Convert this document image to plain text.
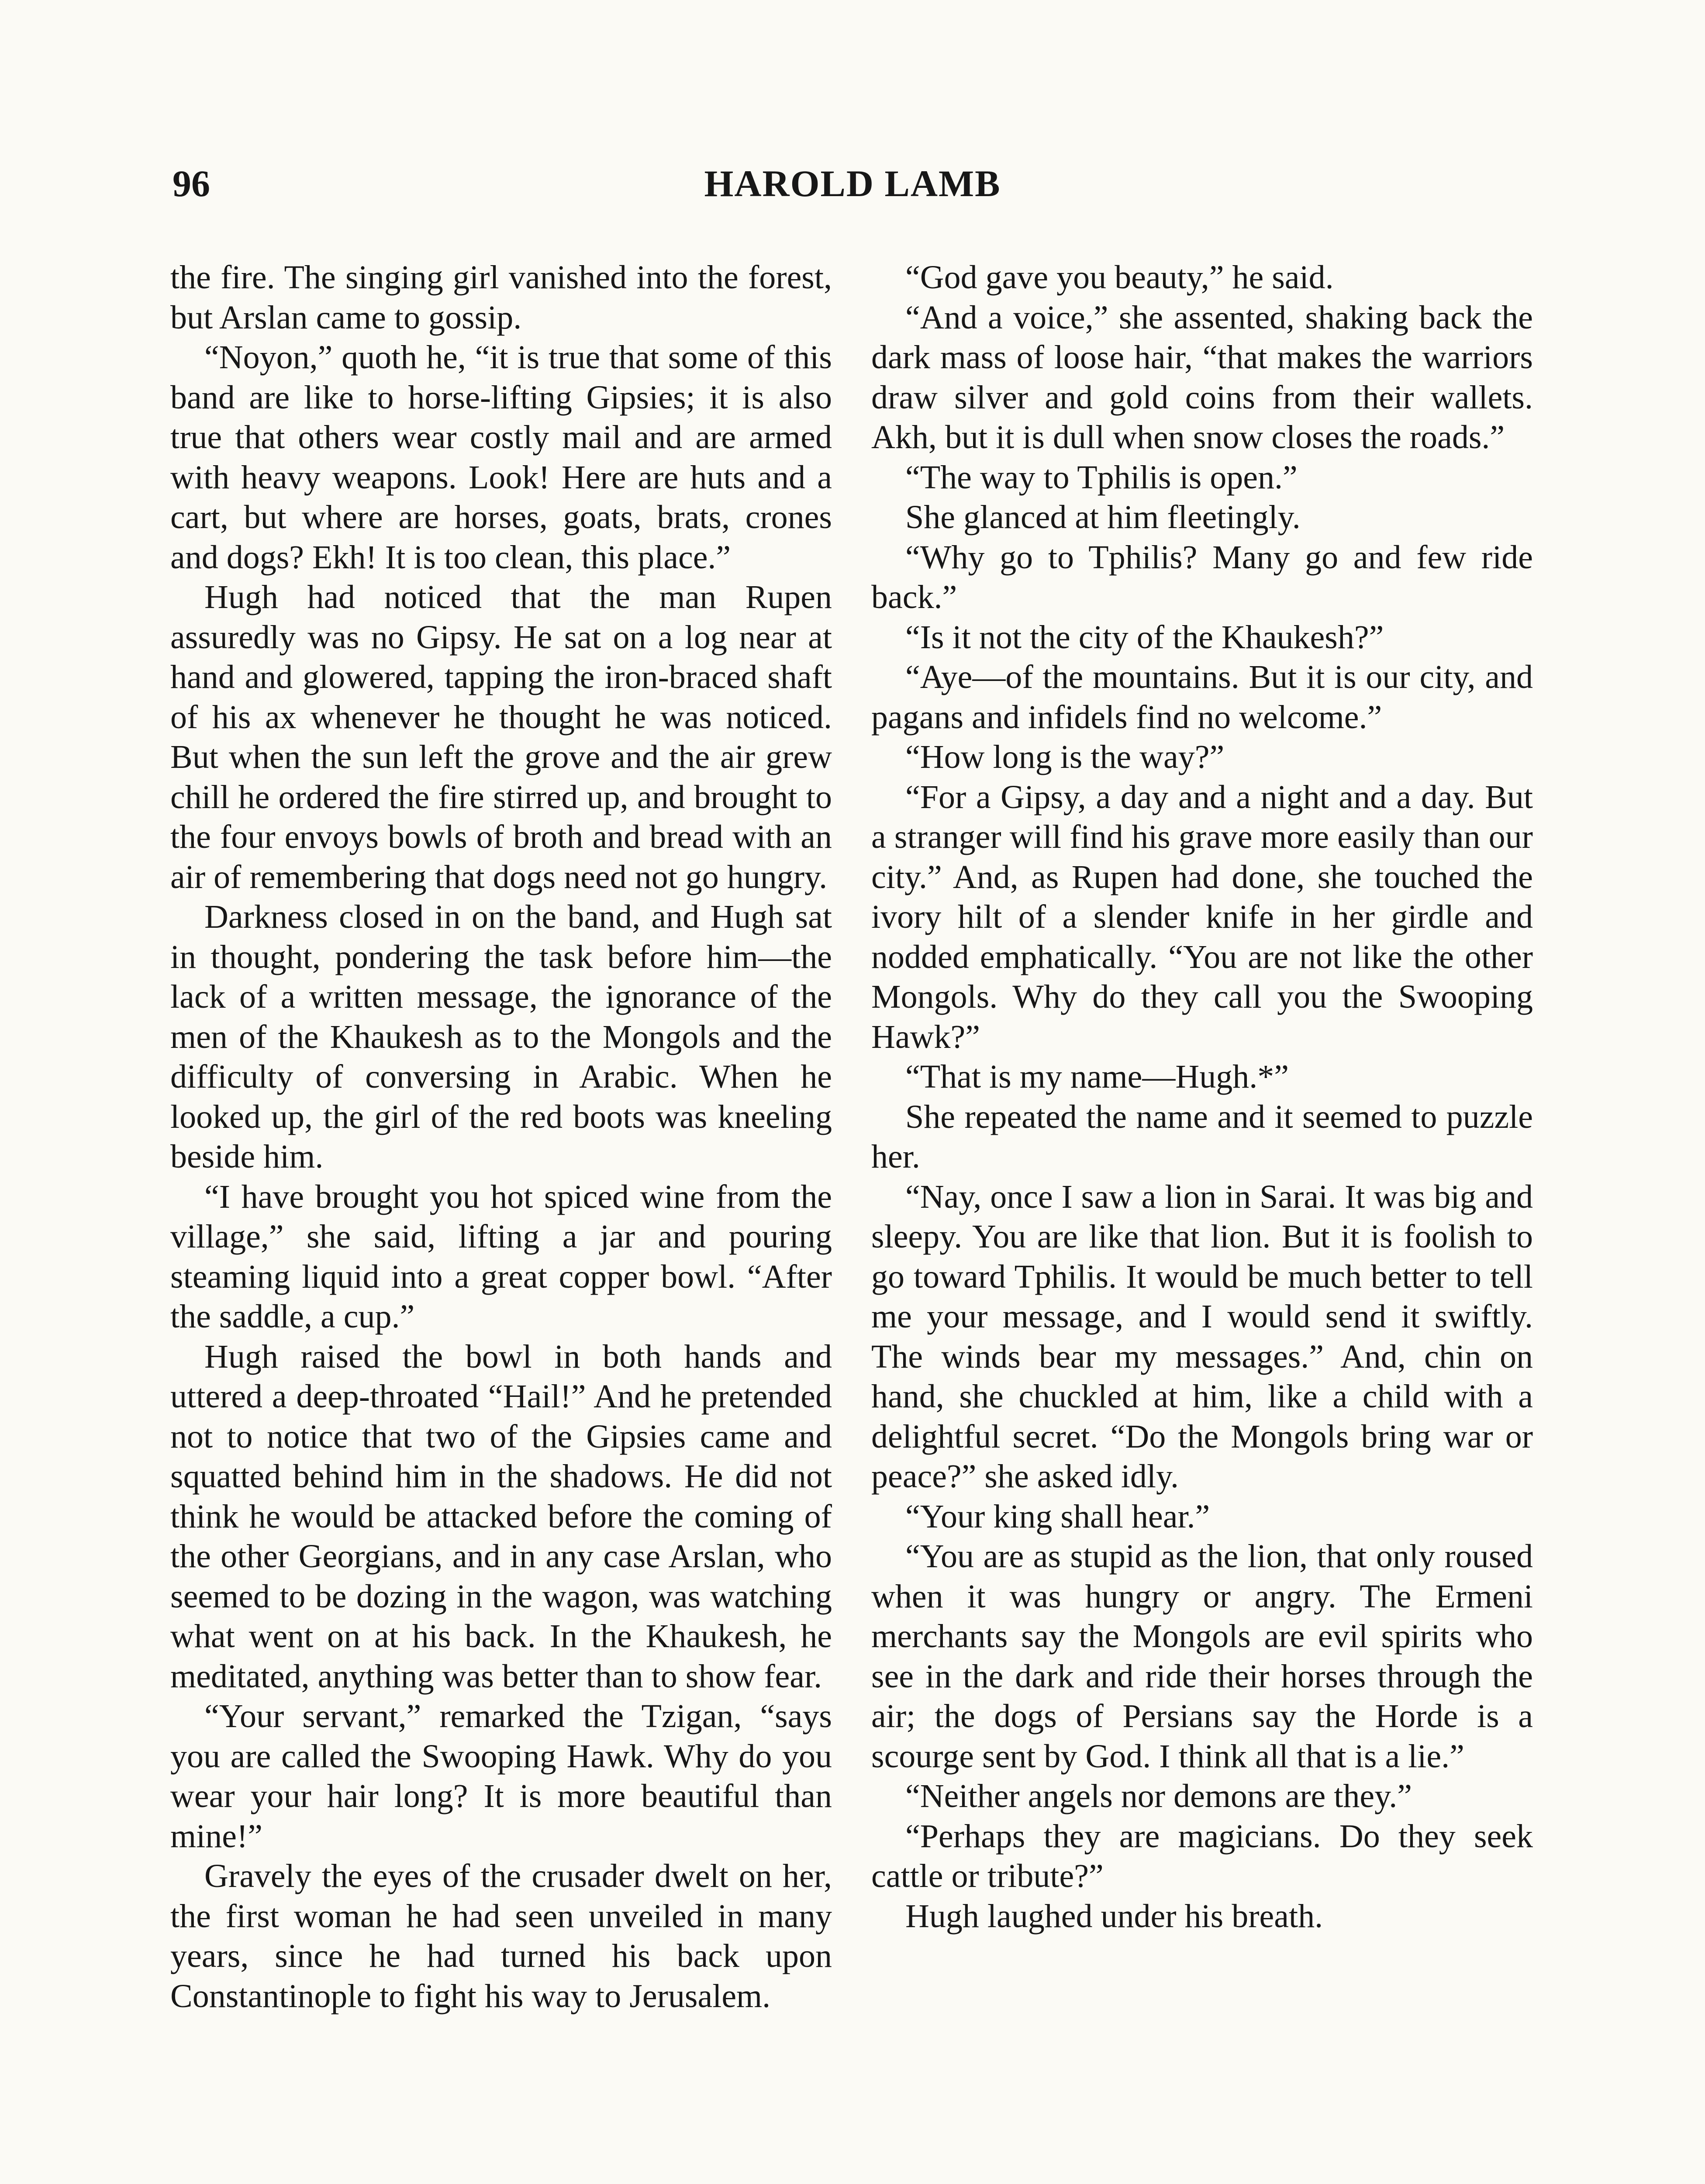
96	HAROLD LAMB

the fire. The singing girl vanished into the forest, but Arslan came to gossip.

“Noyon,” quoth he, “it is true that some of this band are like to horse-lifting Gipsies; it is also true that others wear costly mail and are armed with heavy weapons. Look! Here are huts and a cart, but where are horses, goats, brats, crones and dogs? Ekh! It is too clean, this place.”

Hugh had noticed that the man Rupen assuredly was no Gipsy. He sat on a log near at hand and glowered, tapping the iron-braced shaft of his ax whenever he thought he was noticed. But when the sun left the grove and the air grew chill he ordered the fire stirred up, and brought to the four envoys bowls of broth and bread with an air of remembering that dogs need not go hungry.

Darkness closed in on the band, and Hugh sat in thought, pondering the task before him—the lack of a written message, the ignorance of the men of the Khaukesh as to the Mongols and the difficulty of conversing in Arabic. When he looked up, the girl of the red boots was kneeling beside him.

“I have brought you hot spiced wine from the village,” she said, lifting a jar and pouring steaming liquid into a great copper bowl. “After the saddle, a cup.”

Hugh raised the bowl in both hands and uttered a deep-throated “Hail!” And he pretended not to notice that two of the Gipsies came and squatted behind him in the shadows. He did not think he would be attacked before the coming of the other Georgians, and in any case Arslan, who seemed to be dozing in the wagon, was watching what went on at his back. In the Khaukesh, he meditated, anything was better than to show fear.

“Your servant,” remarked the Tzigan, “says you are called the Swooping Hawk. Why do you wear your hair long? It is more beautiful than mine!”

Gravely the eyes of the crusader dwelt on her, the first woman he had seen unveiled in many years, since he had turned his back upon Constantinople to fight his way to Jerusalem.

“God gave you beauty,” he said.

“And a voice,” she assented, shaking back the dark mass of loose hair, “that makes the warriors draw silver and gold coins from their wallets. Akh, but it is dull when snow closes the roads.”

“The way to Tphilis is open.”

She glanced at him fleetingly.

“Why go to Tphilis? Many go and few ride back.”

“Is it not the city of the Khaukesh?”

“Aye—of the mountains. But it is our city, and pagans and infidels find no welcome.”

“How long is the way?”

“For a Gipsy, a day and a night and a day. But a stranger will find his grave more easily than our city.” And, as Rupen had done, she touched the ivory hilt of a slender knife in her girdle and nodded emphatically. “You are not like the other Mongols. Why do they call you the Swooping Hawk?”

“That is my name—Hugh.*”

She repeated the name and it seemed to puzzle her.

“Nay, once I saw a lion in Sarai. It was big and sleepy. You are like that lion. But it is foolish to go toward Tphilis. It would be much better to tell me your message, and I would send it swiftly. The winds bear my messages.” And, chin on hand, she chuckled at him, like a child with a delightful secret. “Do the Mongols bring war or peace?” she asked idly.

“Your king shall hear.”

“You are as stupid as the lion, that only roused when it was hungry or angry. The Ermeni merchants say the Mongols are evil spirits who see in the dark and ride their horses through the air; the dogs of Persians say the Horde is a scourge sent by God. I think all that is a lie.”

“Neither angels nor demons are they.”

“Perhaps they are magicians. Do they seek cattle or tribute?”

Hugh laughed under his breath.
